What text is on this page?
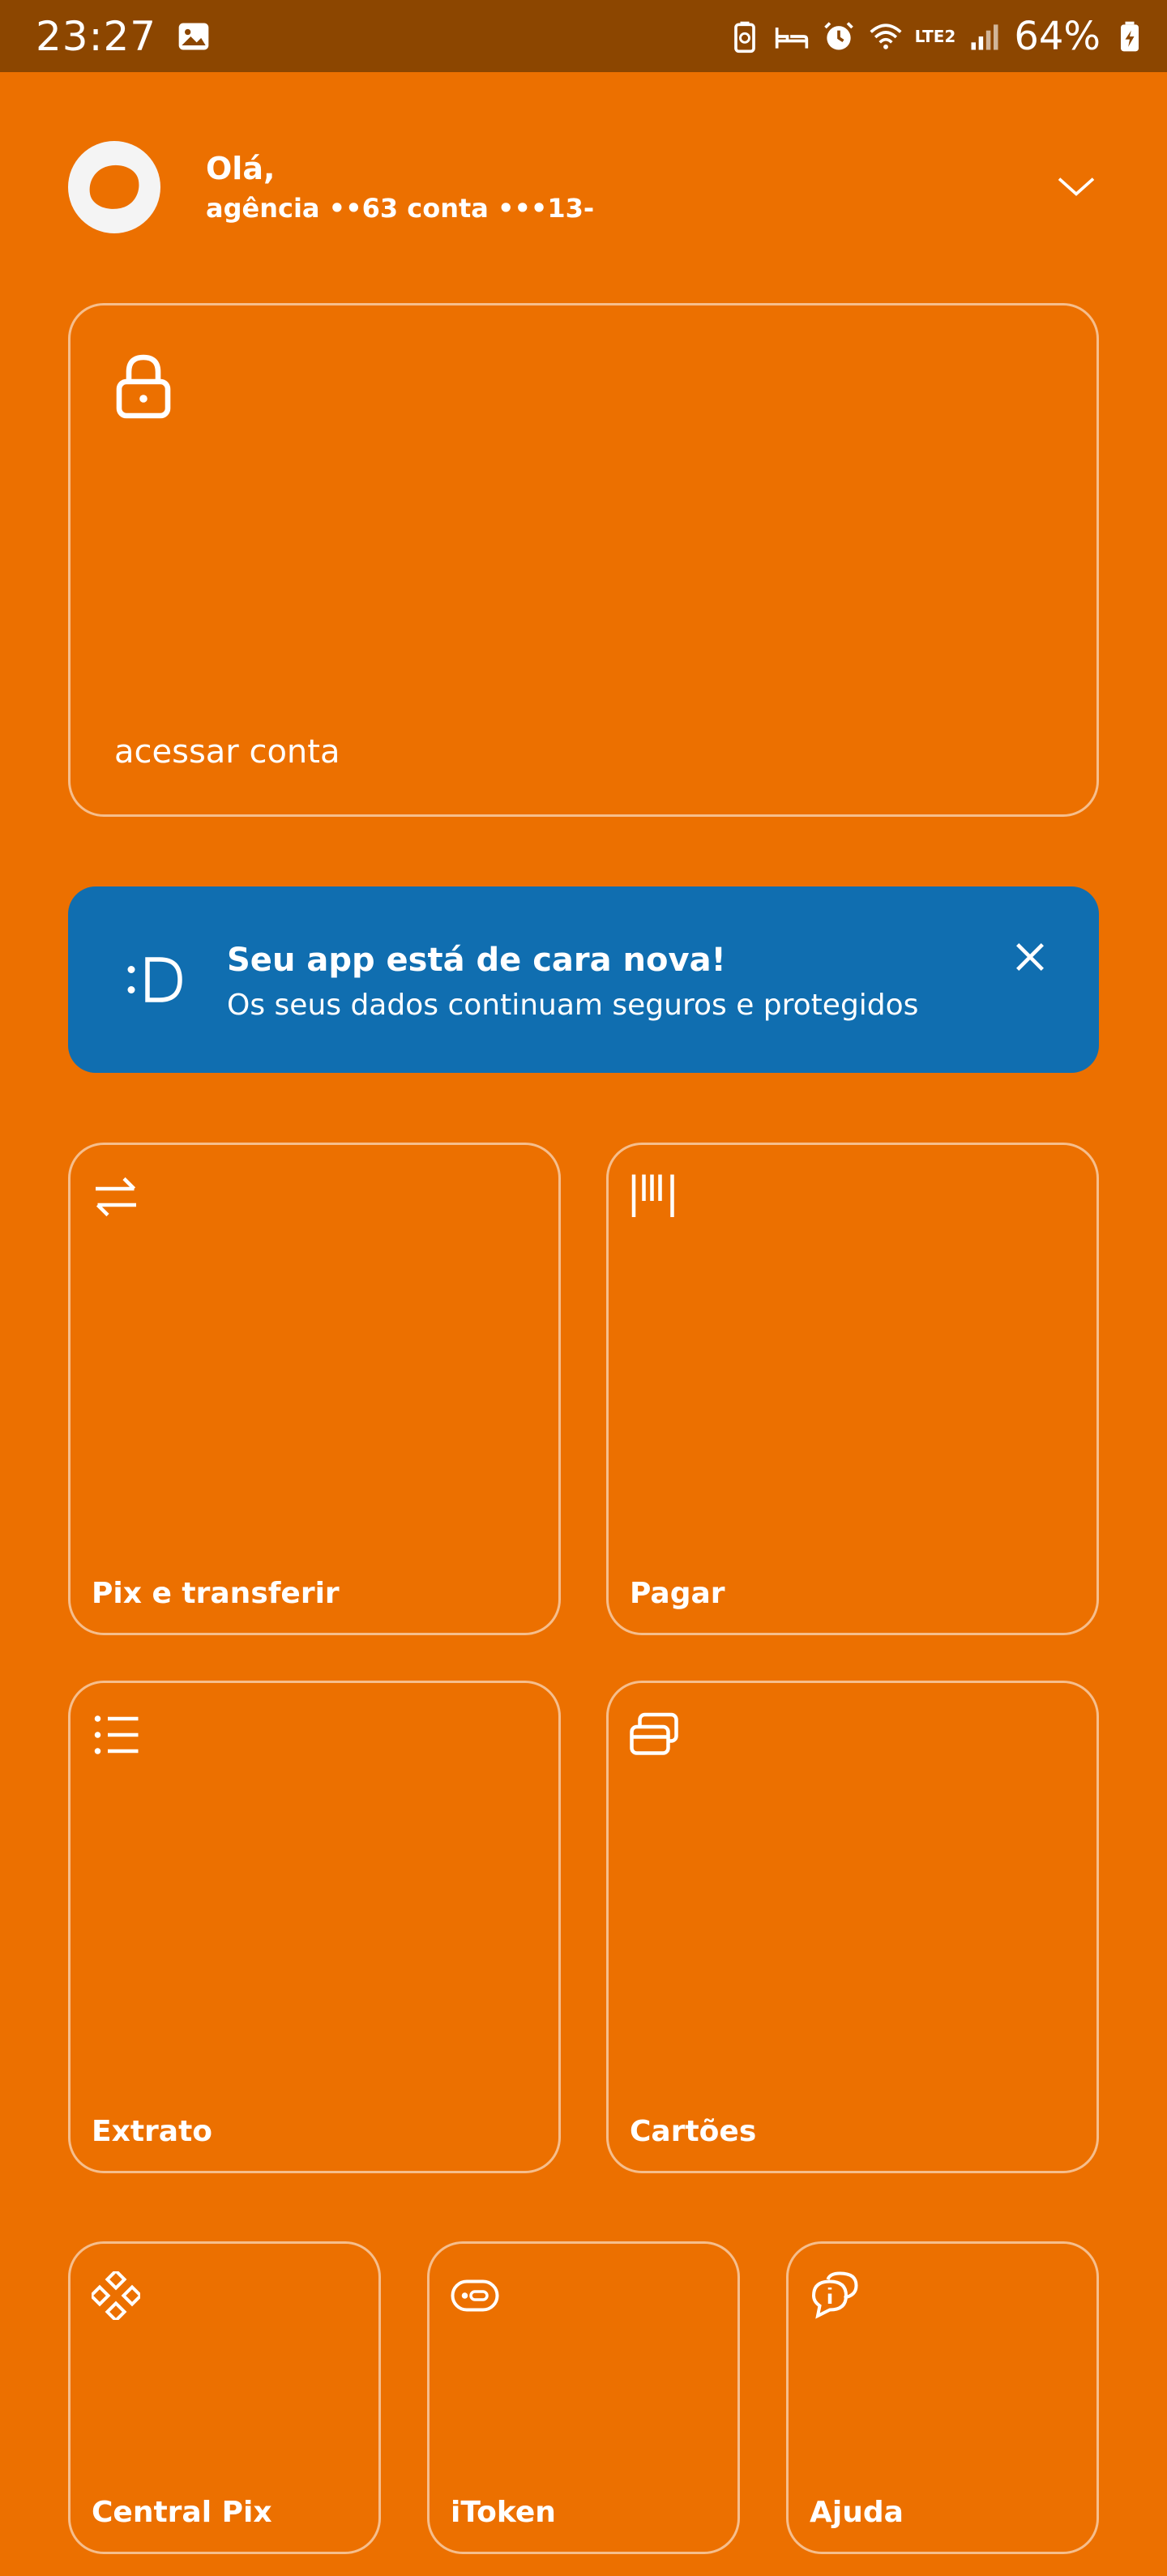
23:27	LTE2 64%
Olá,
agência ••63 conta •••13-
acessar conta
Seu app está de cara nova!
Os seus dados continuam seguros e protegidos
Pix e transferir	Pagar
Extrato	Cartões
Central Pix	iToken	Ajuda
